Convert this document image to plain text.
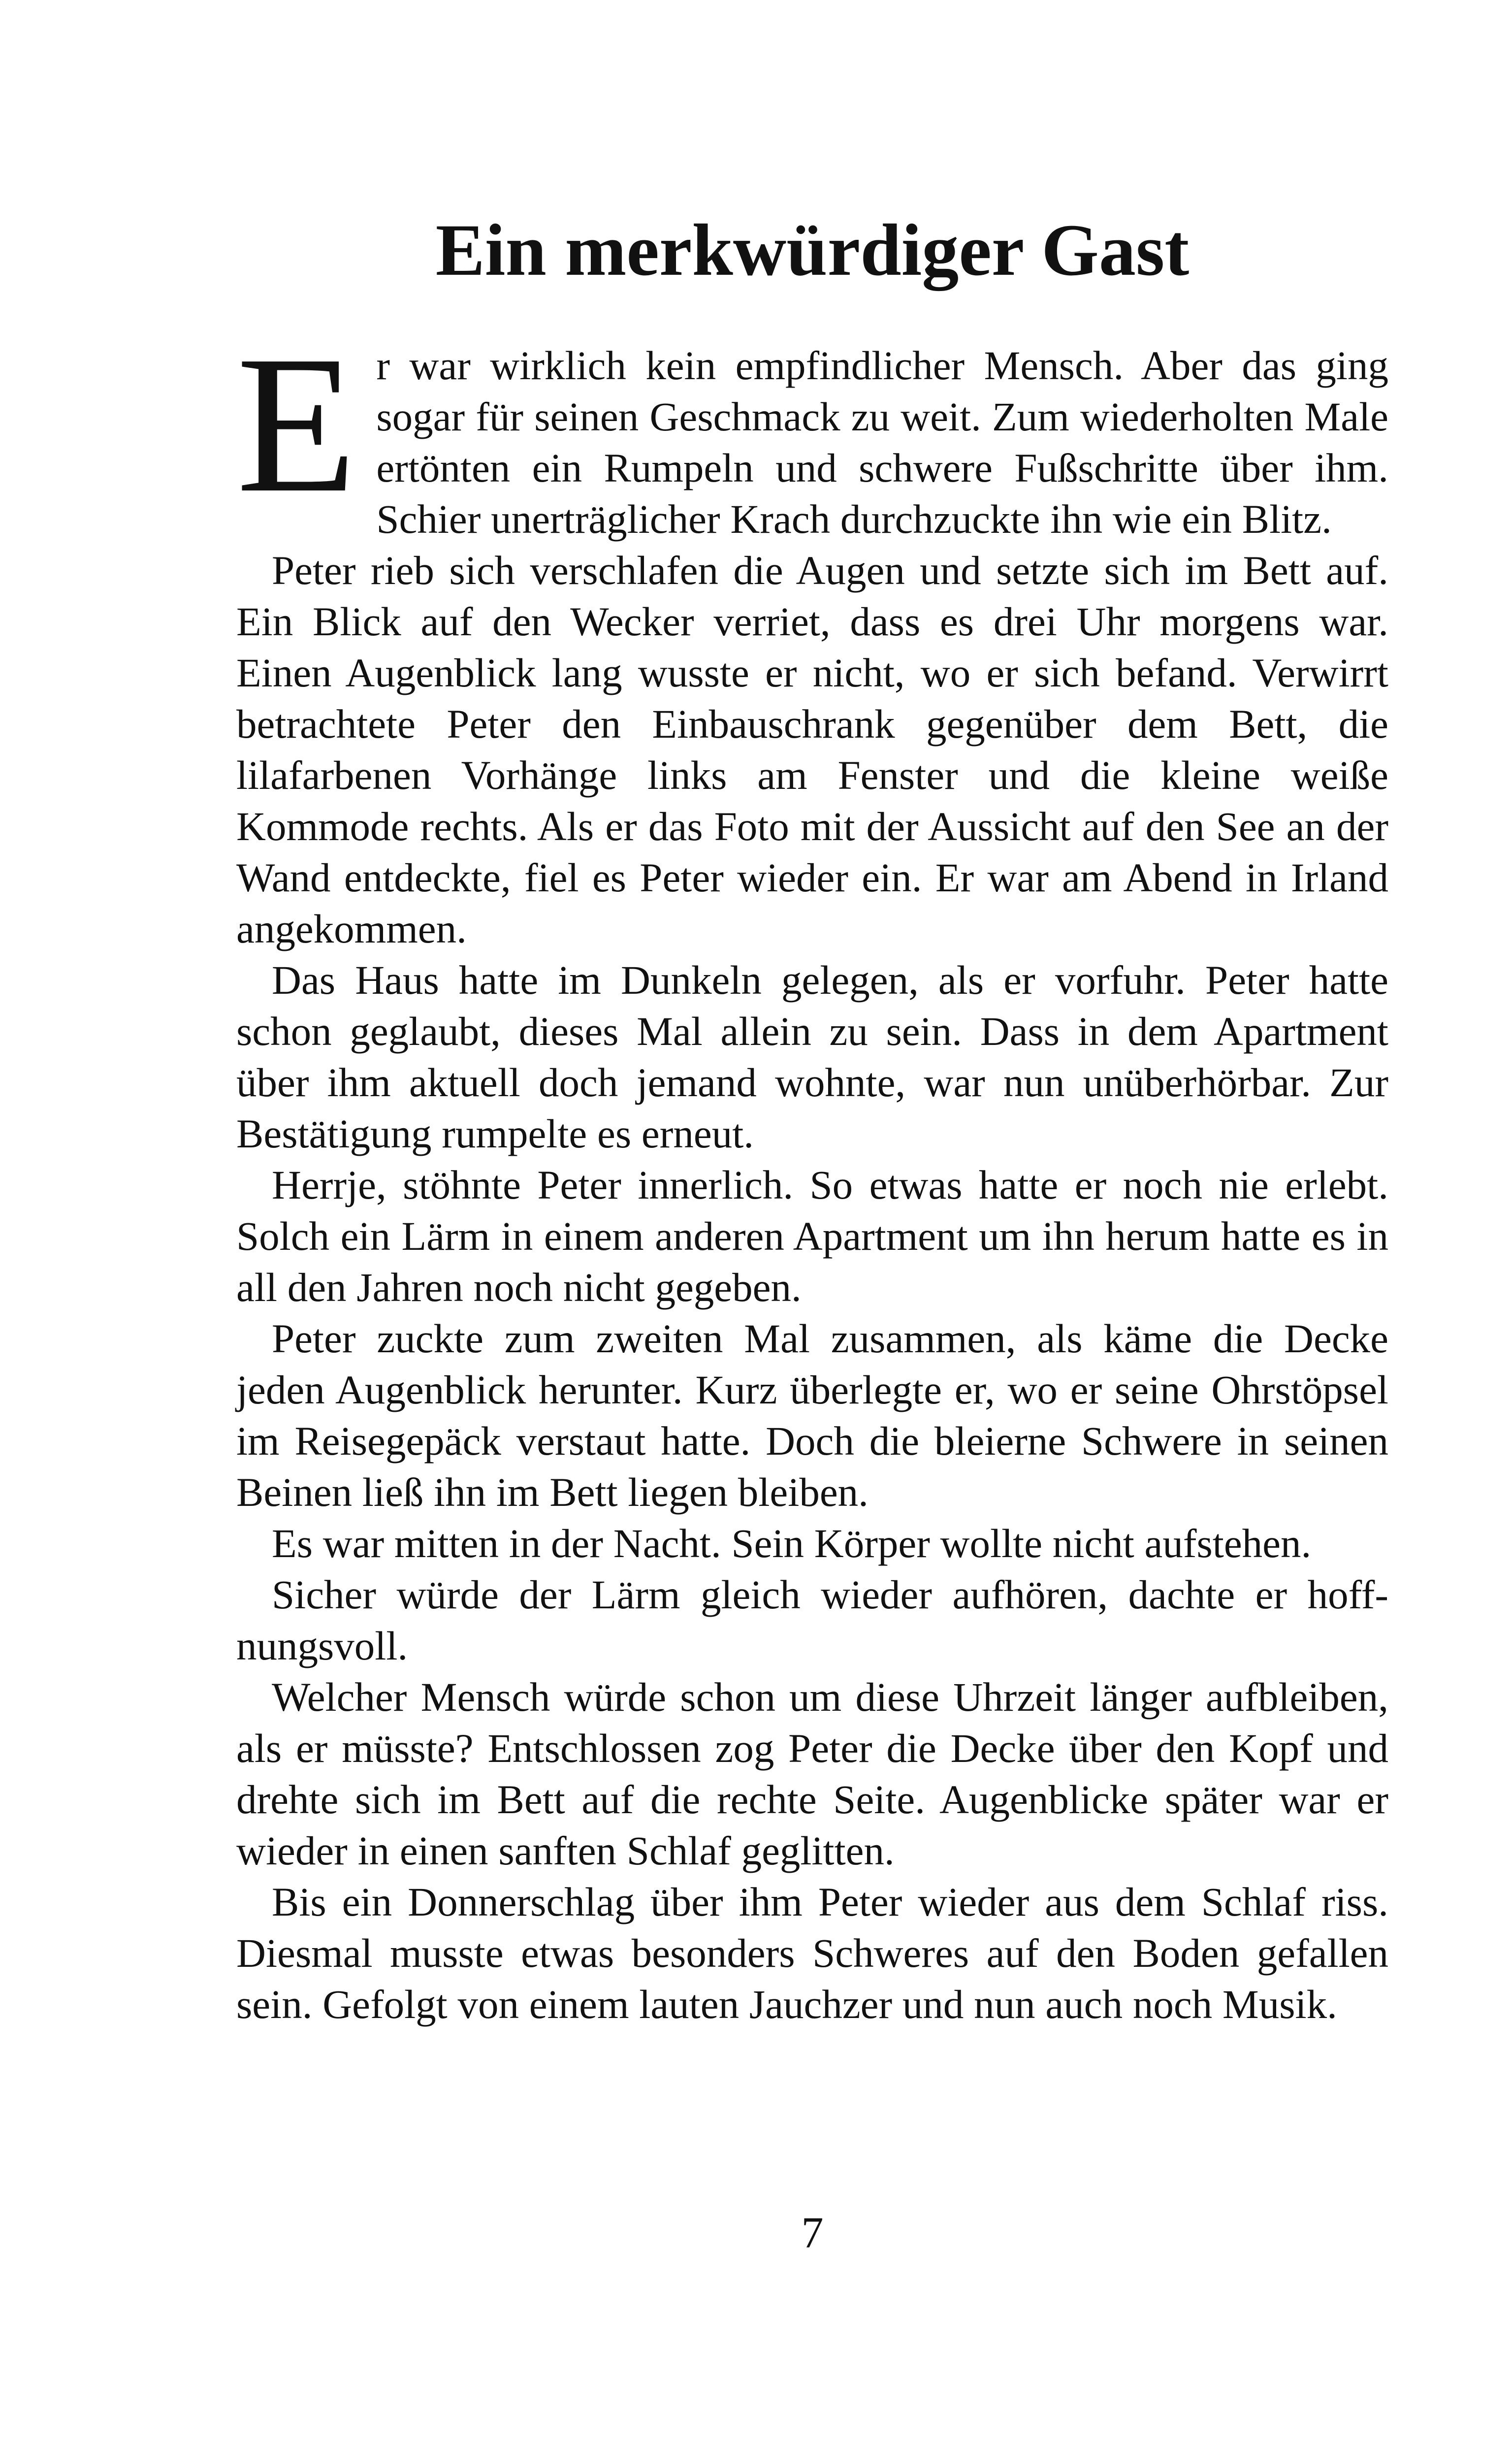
Ein merkwürdiger Gast

Er war wirklich kein empfindlicher Mensch. Aber das ging sogar für seinen Geschmack zu weit. Zum wiederholten Male ertönten ein Rumpeln und schwere Fußschritte über ihm. Schier unerträglicher Krach durchzuckte ihn wie ein Blitz.

Peter rieb sich verschlafen die Augen und setzte sich im Bett auf. Ein Blick auf den Wecker verriet, dass es drei Uhr morgens war. Einen Augenblick lang wusste er nicht, wo er sich befand. Verwirrt betrachtete Peter den Einbauschrank gegenüber dem Bett, die lilafarbenen Vorhänge links am Fenster und die kleine weiße Kommode rechts. Als er das Foto mit der Aussicht auf den See an der Wand entdeckte, fiel es Peter wieder ein. Er war am Abend in Irland angekommen.

Das Haus hatte im Dunkeln gelegen, als er vorfuhr. Peter hatte schon geglaubt, dieses Mal allein zu sein. Dass in dem Apartment über ihm aktuell doch jemand wohnte, war nun unüberhörbar. Zur Bestätigung rumpelte es erneut.

Herrje, stöhnte Peter innerlich. So etwas hatte er noch nie erlebt. Solch ein Lärm in einem anderen Apartment um ihn herum hatte es in all den Jahren noch nicht gegeben.

Peter zuckte zum zweiten Mal zusammen, als käme die Decke jeden Augenblick herunter. Kurz überlegte er, wo er seine Ohrstöpsel im Reisegepäck verstaut hatte. Doch die bleierne Schwere in seinen Beinen ließ ihn im Bett liegen bleiben.

Es war mitten in der Nacht. Sein Körper wollte nicht aufstehen.

Sicher würde der Lärm gleich wieder aufhören, dachte er hoffnungsvoll.

Welcher Mensch würde schon um diese Uhrzeit länger aufbleiben, als er müsste? Entschlossen zog Peter die Decke über den Kopf und drehte sich im Bett auf die rechte Seite. Augenblicke später war er wieder in einen sanften Schlaf geglitten.

Bis ein Donnerschlag über ihm Peter wieder aus dem Schlaf riss. Diesmal musste etwas besonders Schweres auf den Boden gefallen sein. Gefolgt von einem lauten Jauchzer und nun auch noch Musik.

7
